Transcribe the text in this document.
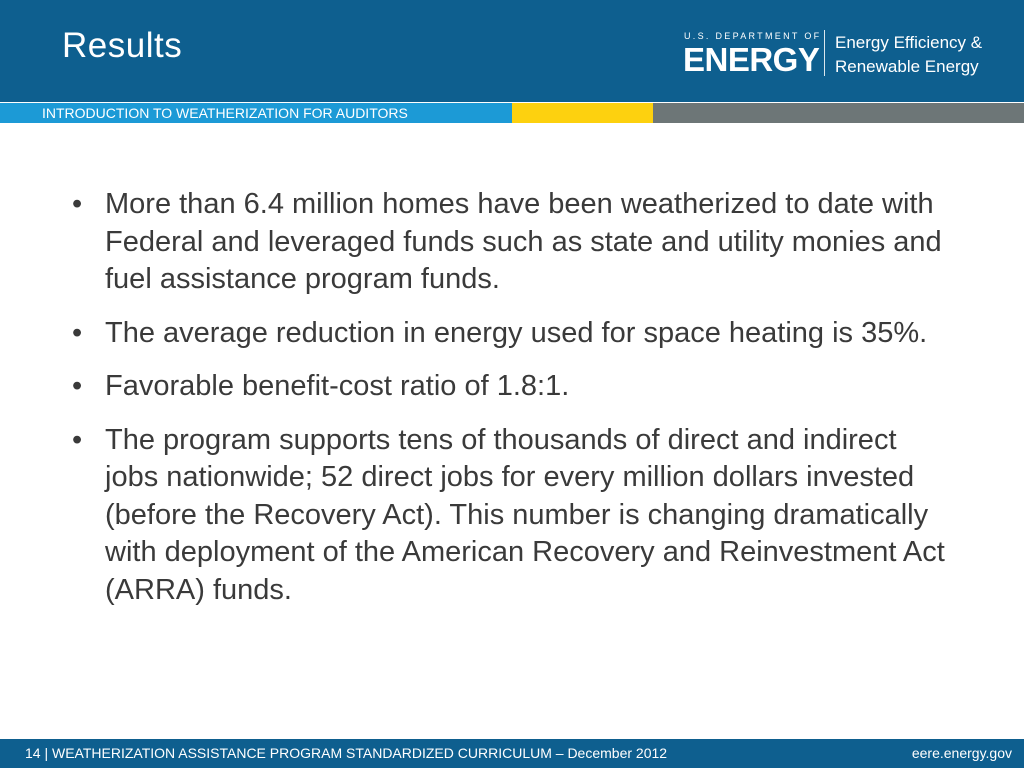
Results	U.S. DEPARTMENT OF
ENERGY Energy Efficiency &
Renewable Energy
INTRODUCTION TO WEATHERIZATION FOR AUDITORS
• More than 6.4 million homes have been weatherized to date with Federal and leveraged funds such as state and utility monies and fuel assistance program funds.
• The average reduction in energy used for space heating is 35%.
• Favorable benefit-cost ratio of 1.8:1.
• The program supports tens of thousands of direct and indirect jobs nationwide; 52 direct jobs for every million dollars invested (before the Recovery Act). This number is changing dramatically with deployment of the American Recovery and Reinvestment Act (ARRA) funds.
14 | WEATHERIZATION ASSISTANCE PROGRAM STANDARDIZED CURRICULUM – December 2012	eere.energy.gov
